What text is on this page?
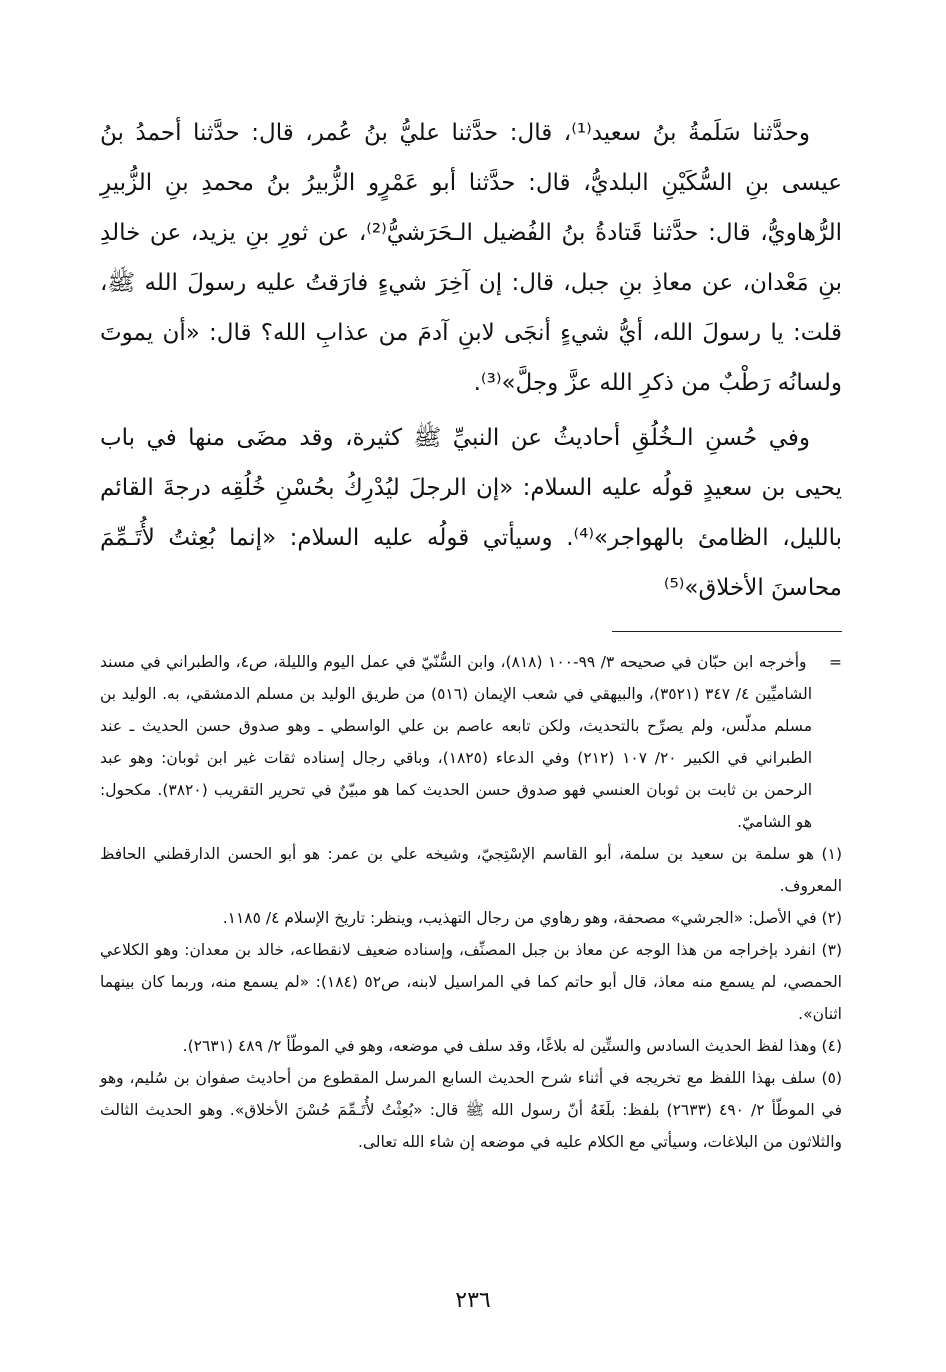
وحدَّثنا سَلَمةُ بنُ سعيد⁽¹⁾، قال: حدَّثنا عليُّ بنُ عُمر، قال: حدَّثنا أحمدُ بنُ عيسى بنِ السُّكَيْنِ البلديُّ، قال: حدَّثنا أبو عَمْرٍو الزُّبيرُ بنُ محمدِ بنِ الزُّبيرِ الرُّهاويُّ، قال: حدَّثنا قَتادةُ بنُ الفُضيل الـحَرَشيُّ⁽²⁾، عن ثورِ بنِ يزيد، عن خالدِ بنِ مَعْدان، عن معاذِ بنِ جبل، قال: إن آخِرَ شيءٍ فارَقتُ عليه رسولَ الله ﷺ، قلت: يا رسولَ الله، أيُّ شيءٍ أنجَى لابنِ آدمَ من عذابِ الله؟ قال: «أن يموتَ ولسانُه رَطْبٌ من ذكرِ الله عزَّ وجلَّ»⁽³⁾.
وفي حُسنِ الـخُلُقِ أحاديثُ عن النبيِّ ﷺ كثيرة، وقد مضَى منها في باب يحيى بن سعيدٍ قولُه عليه السلام: «إن الرجلَ ليُدْرِكُ بحُسْنِ خُلُقِه درجةَ القائم بالليل، الظامئ بالهواجر»⁽⁴⁾. وسيأتي قولُه عليه السلام: «إنما بُعِثتُ لأُتَـمِّمَ محاسنَ الأخلاق»⁽⁵⁾
= وأخرجه ابن حبّان في صحيحه ٣/ ٩٩-١٠٠ (٨١٨)، وابن السُّنّيّ في عمل اليوم والليلة، ص٤، والطبراني في مسند الشاميِّين ٤/ ٣٤٧ (٣٥٢١)، والبيهقي في شعب الإيمان (٥١٦) من طريق الوليد بن مسلم الدمشقي، به. الوليد بن مسلم مدلّس، ولم يصرِّح بالتحديث، ولكن تابعه عاصم بن علي الواسطي ـ وهو صدوق حسن الحديث ـ عند الطبراني في الكبير ٢٠/ ١٠٧ (٢١٢) وفي الدعاء (١٨٢٥)، وباقي رجال إسناده ثقات غير ابن ثوبان: وهو عبد الرحمن بن ثابت بن ثوبان العنسي فهو صدوق حسن الحديث كما هو مبيّنٌ في تحرير التقريب (٣٨٢٠). مكحول: هو الشاميّ.
(١) هو سلمة بن سعيد بن سلمة، أبو القاسم الإسْتِجيّ، وشيخه علي بن عمر: هو أبو الحسن الدارقطني الحافظ المعروف.
(٢) في الأصل: «الجرشي» مصحفة، وهو رهاوي من رجال التهذيب، وينظر: تاريخ الإسلام ٤/ ١١٨٥.
(٣) انفرد بإخراجه من هذا الوجه عن معاذ بن جبل المصنِّف، وإسناده ضعيف لانقطاعه، خالد بن معدان: وهو الكلاعي الحمصي، لم يسمع منه معاذ، قال أبو حاتم كما في المراسيل لابنه، ص٥٢ (١٨٤): «لم يسمع منه، وربما كان بينهما اثنان».
(٤) وهذا لفظ الحديث السادس والستِّين له بلاغًا، وقد سلف في موضعه، وهو في الموطّأ ٢/ ٤٨٩ (٢٦٣١).
(٥) سلف بهذا اللفظ مع تخريجه في أثناء شرح الحديث السابع المرسل المقطوع من أحاديث صفوان بن سُليم، وهو في الموطّأ ٢/ ٤٩٠ (٢٦٣٣) بلفظ: بلَغَهُ أنّ رسول الله ﷺ قال: «بُعِثْتُ لأُتَـمِّمَ حُسْنَ الأخلاق». وهو الحديث الثالث والثلاثون من البلاغات، وسيأتي مع الكلام عليه في موضعه إن شاء الله تعالى.
٢٣٦
